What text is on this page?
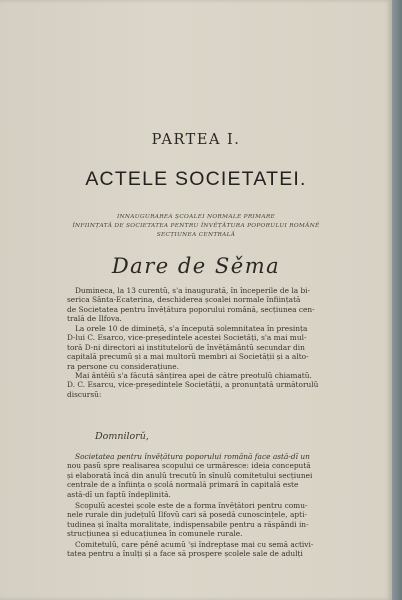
PARTEA I.
ACTELE SOCIETATEI.
INNAUGURAREA ȘCOALEI NORMALE PRIMARE
ÎNFIINȚATĂ DE SOCIETATEA PENTRU ÎNVĚȚĂTURA POPORULUI ROMÂNĚ
SECȚIUNEA CENTRALĂ
Dare de Sěma
Dumineca, la 13 curentŭ, s'a inaugurată, în începerile de la bi-
serica Sânta-Ecaterina, deschiderea școalei normale înființată
de Societatea pentru învěțătura poporului română, secțiunea cen-
trală de Ilfova.
La orele 10 de dimineță, s'a începută solemnitatea în presința
D-lui C. Esarco, vice-președintele acestei Societăți, s'a mai mul-
toră D-ni directori ai institutelorŭ de învěțământŭ secundar din
capitală precumŭ și a mai multorŭ membri ai Societății și a alto-
ra persone cu considerațiune.
Mai ântêiŭ s'a făcută sânțirea apei de către preotulŭ chiamatŭ.
D. C. Esarcu, vice-președintele Societății, a pronunțată următorulŭ
discursŭ:
Domnilorŭ,
Societatea pentru învěțătura poporului română face astă-dĭ un
nou pasŭ spre realisarea scopului ce urmăresce: ideia concepută
și elaborată încă din anulŭ trecutŭ în sînulŭ comitetului secțiunei
centrale de a înființa o școlă normală primară în capitală este
astă-dĭ un faptŭ îndeplinită.
Scopulŭ acestei școle este de a forma învěțători pentru comu-
nele rurale din județulŭ Ilfovŭ cari să posedă cunoscințele, apti-
tudinea și înalta moralitate, indispensabile pentru a răspândi in-
strucțiunea și educațiunea în comunele rurale.
Comitetulŭ, care pênĕ acumŭ 'și îndreptase mai cu semă activi-
tatea pentru a înulți și a face să prospere școlele sale de adulți
